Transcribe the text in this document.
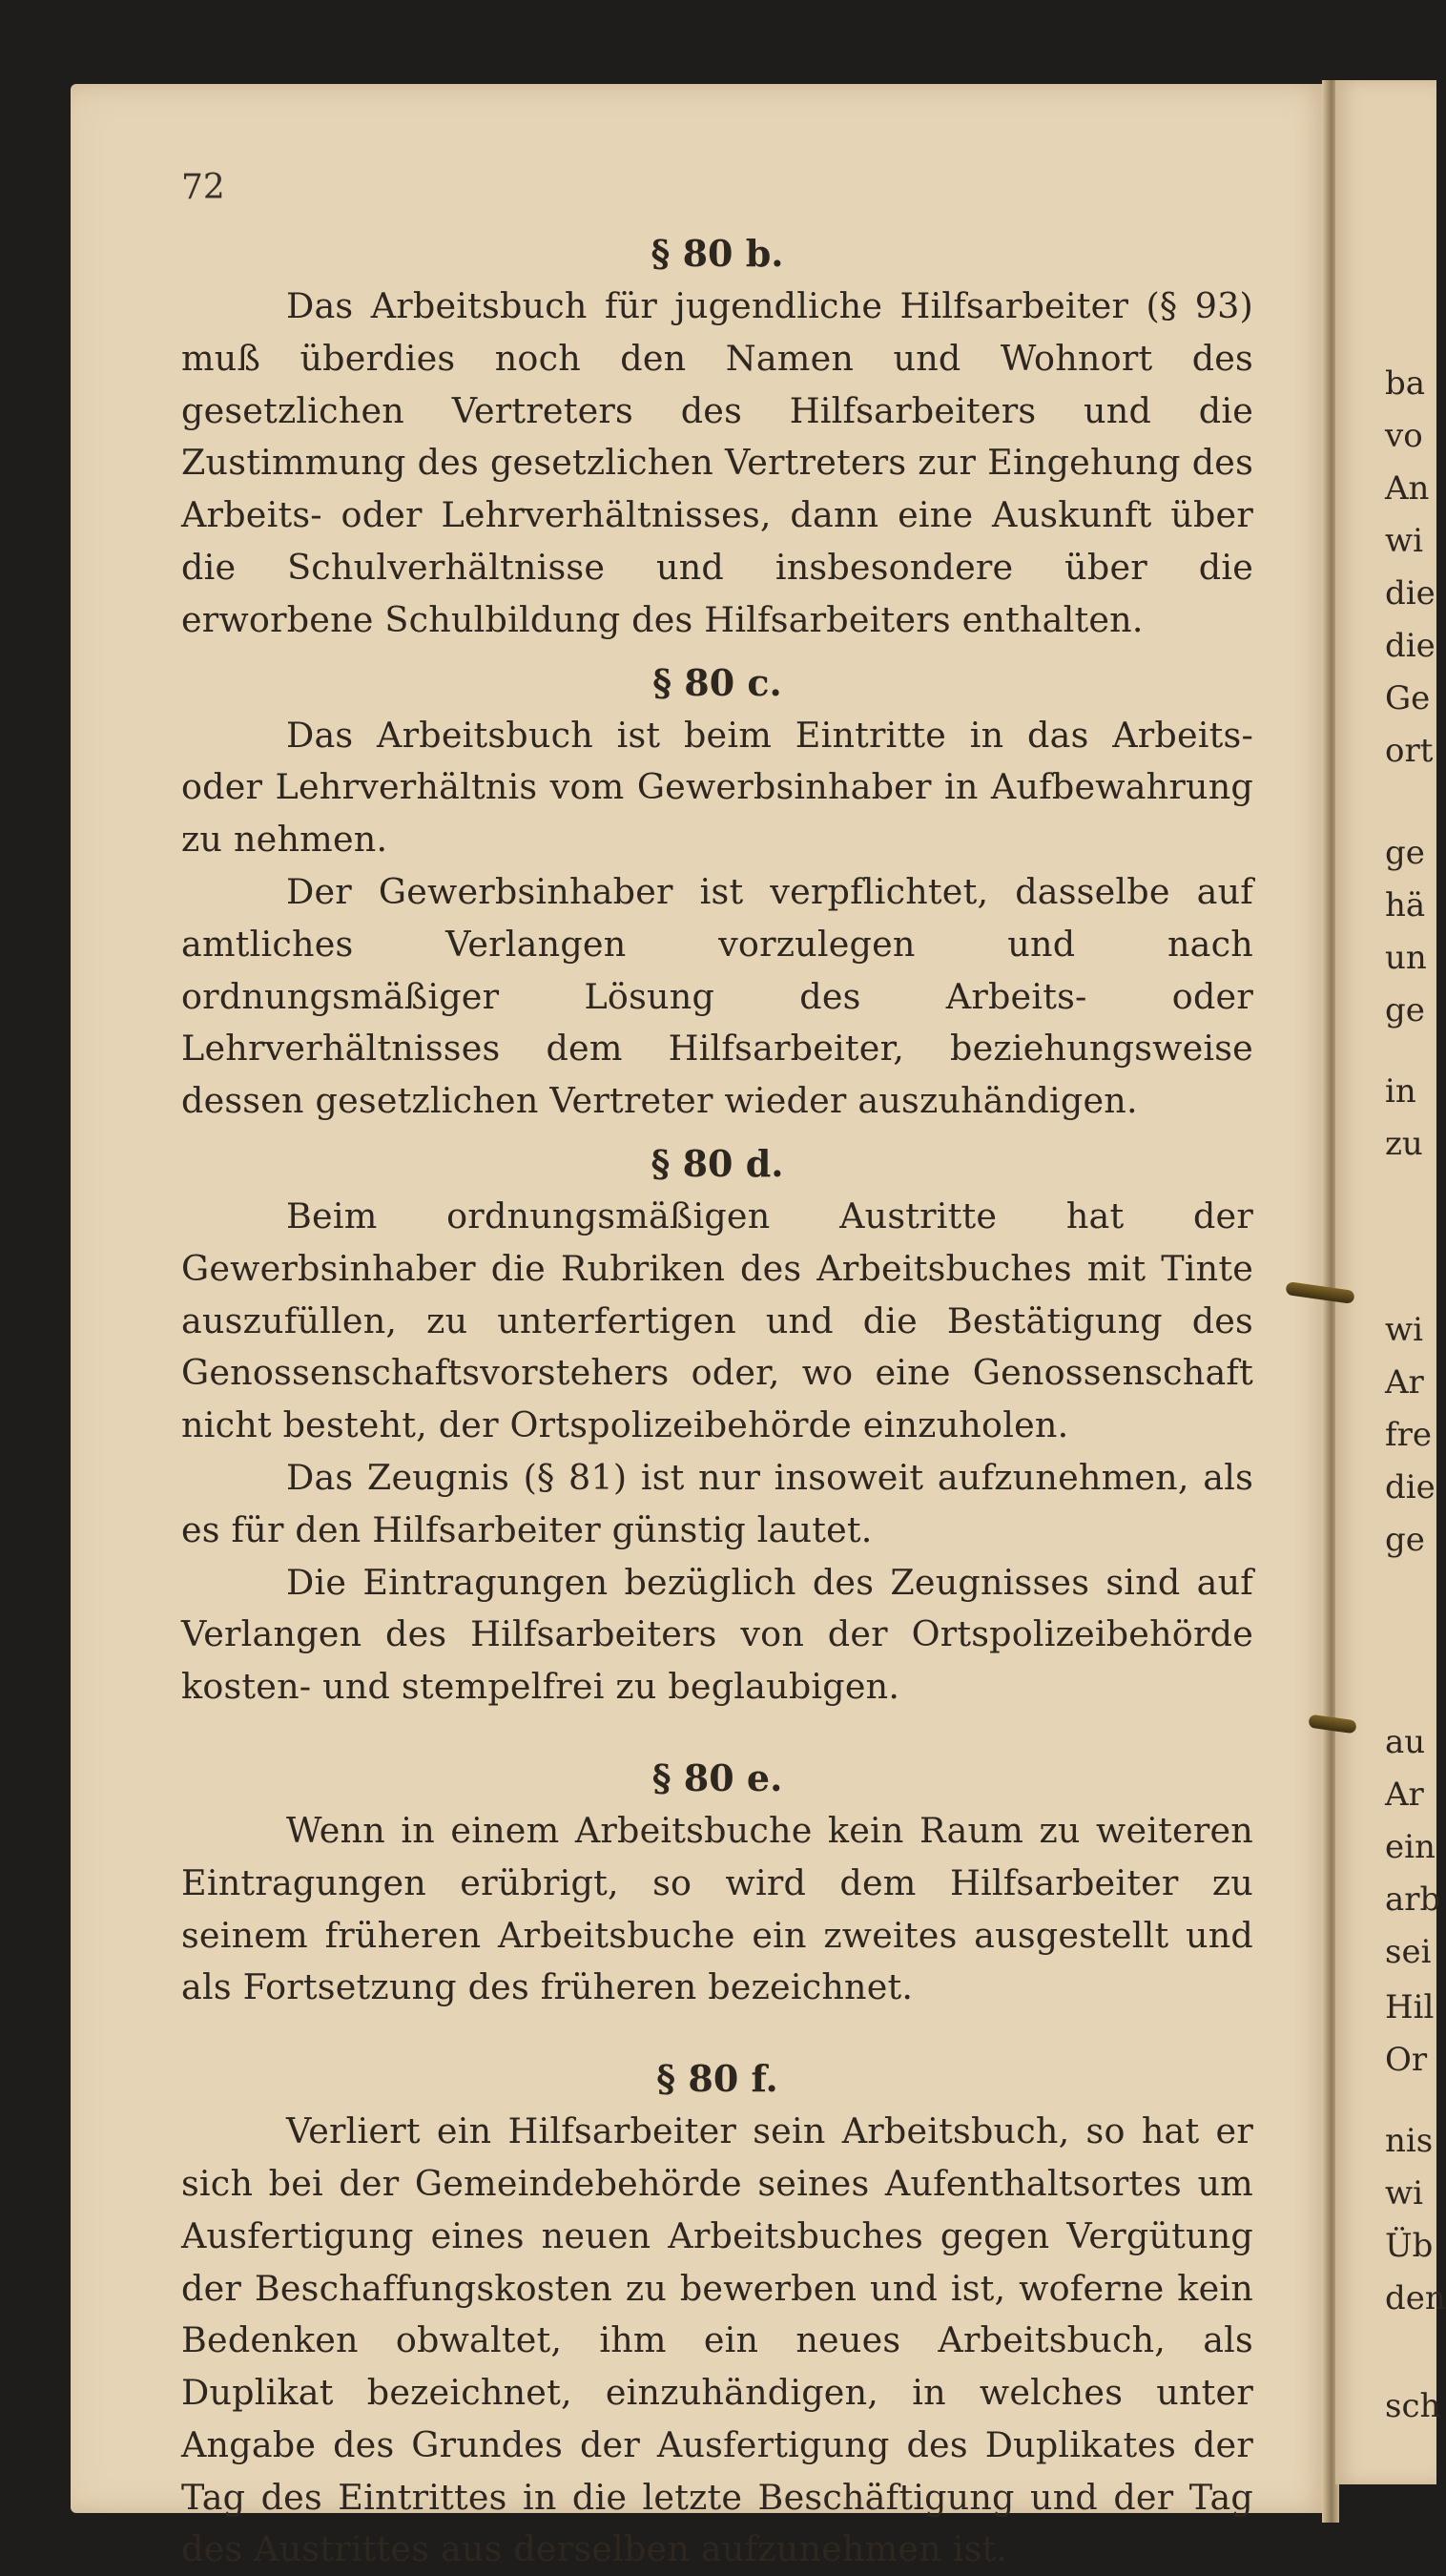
ba
vo
An
wi
die
die
Ge
ort
ge
hä
un
ge
in
zu
wi
Ar
fre
die
ge
au
Ar
ein
arb
sei
Hil
Or
nis
wi
Üb
den
sch
72
§ 80 b.

Das Arbeitsbuch für jugendliche Hilfsarbeiter (§ 93) muß überdies noch den Namen und Wohnort des gesetzlichen Vertreters des Hilfsarbeiters und die Zustimmung des gesetzlichen Vertreters zur Eingehung des Arbeits- oder Lehrverhältnisses, dann eine Auskunft über die Schulverhältnisse und insbesondere über die erworbene Schulbildung des Hilfsarbeiters enthalten.

§ 80 c.

Das Arbeitsbuch ist beim Eintritte in das Arbeits- oder Lehrverhältnis vom Gewerbsinhaber in Aufbewahrung zu nehmen.

Der Gewerbsinhaber ist verpflichtet, dasselbe auf amtliches Verlangen vorzulegen und nach ordnungsmäßiger Lösung des Arbeits- oder Lehrverhältnisses dem Hilfsarbeiter, beziehungsweise dessen gesetzlichen Vertreter wieder auszuhändigen.

§ 80 d.

Beim ordnungsmäßigen Austritte hat der Gewerbsinhaber die Rubriken des Arbeitsbuches mit Tinte auszufüllen, zu unterfertigen und die Bestätigung des Genossenschaftsvorstehers oder, wo eine Genossenschaft nicht besteht, der Ortspolizeibehörde einzuholen.

Das Zeugnis (§ 81) ist nur insoweit aufzunehmen, als es für den Hilfsarbeiter günstig lautet.

Die Eintragungen bezüglich des Zeugnisses sind auf Verlangen des Hilfsarbeiters von der Ortspolizeibehörde kosten- und stempelfrei zu beglaubigen.

§ 80 e.

Wenn in einem Arbeitsbuche kein Raum zu weiteren Eintragungen erübrigt, so wird dem Hilfsarbeiter zu seinem früheren Arbeitsbuche ein zweites ausgestellt und als Fortsetzung des früheren bezeichnet.

§ 80 f.

Verliert ein Hilfsarbeiter sein Arbeitsbuch, so hat er sich bei der Gemeindebehörde seines Aufenthaltsortes um Ausfertigung eines neuen Arbeitsbuches gegen Vergütung der Beschaffungskosten zu bewerben und ist, woferne kein Bedenken obwaltet, ihm ein neues Arbeitsbuch, als Duplikat bezeichnet, einzuhändigen, in welches unter Angabe des Grundes der Ausfertigung des Duplikates der Tag des Eintrittes in die letzte Beschäftigung und der Tag des Austrittes aus derselben aufzunehmen ist.
